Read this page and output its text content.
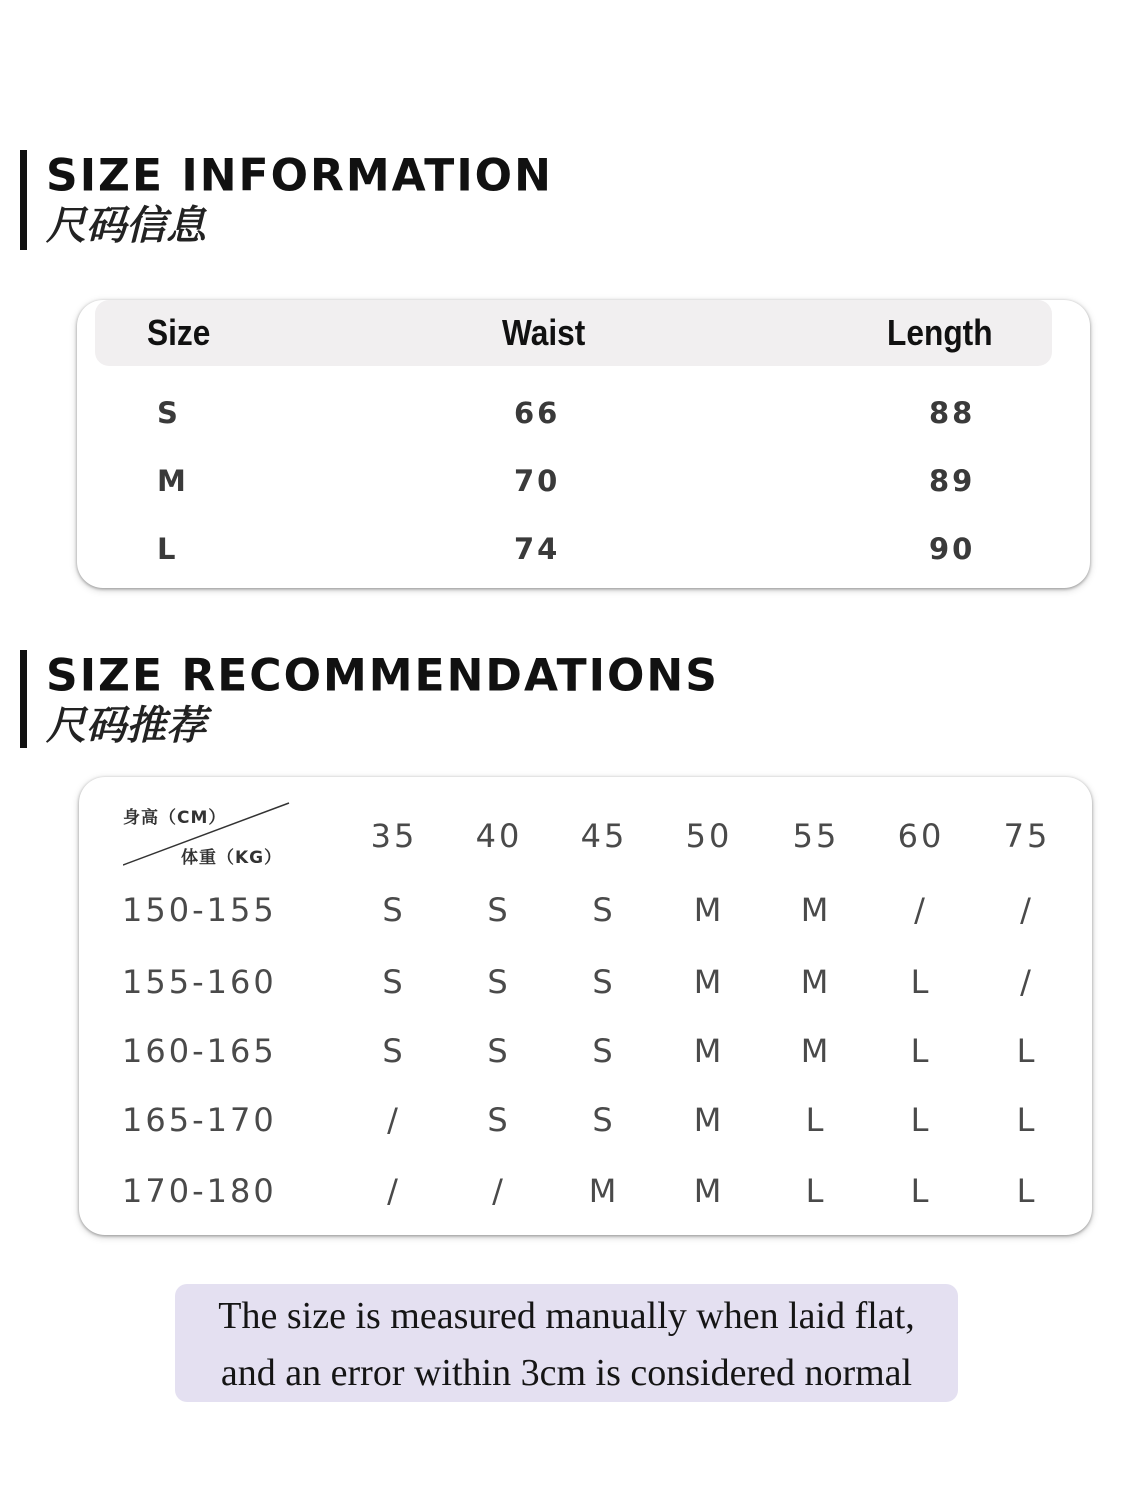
SIZE INFORMATION
尺码信息
Size	Waist	Length
S	66	88
M	70	89
L	74	90
SIZE RECOMMENDATIONS
尺码推荐
身高（CM）
体重（KG）
35	40	45	50	55	60	75
150-155	S	S	S	M	M	/	/
155-160	S	S	S	M	M	L	/
160-165	S	S	S	M	M	L	L
165-170	/	S	S	M	L	L	L
170-180	/	/	M	M	L	L	L
The size is measured manually when laid flat,
and an error within 3cm is considered normal
